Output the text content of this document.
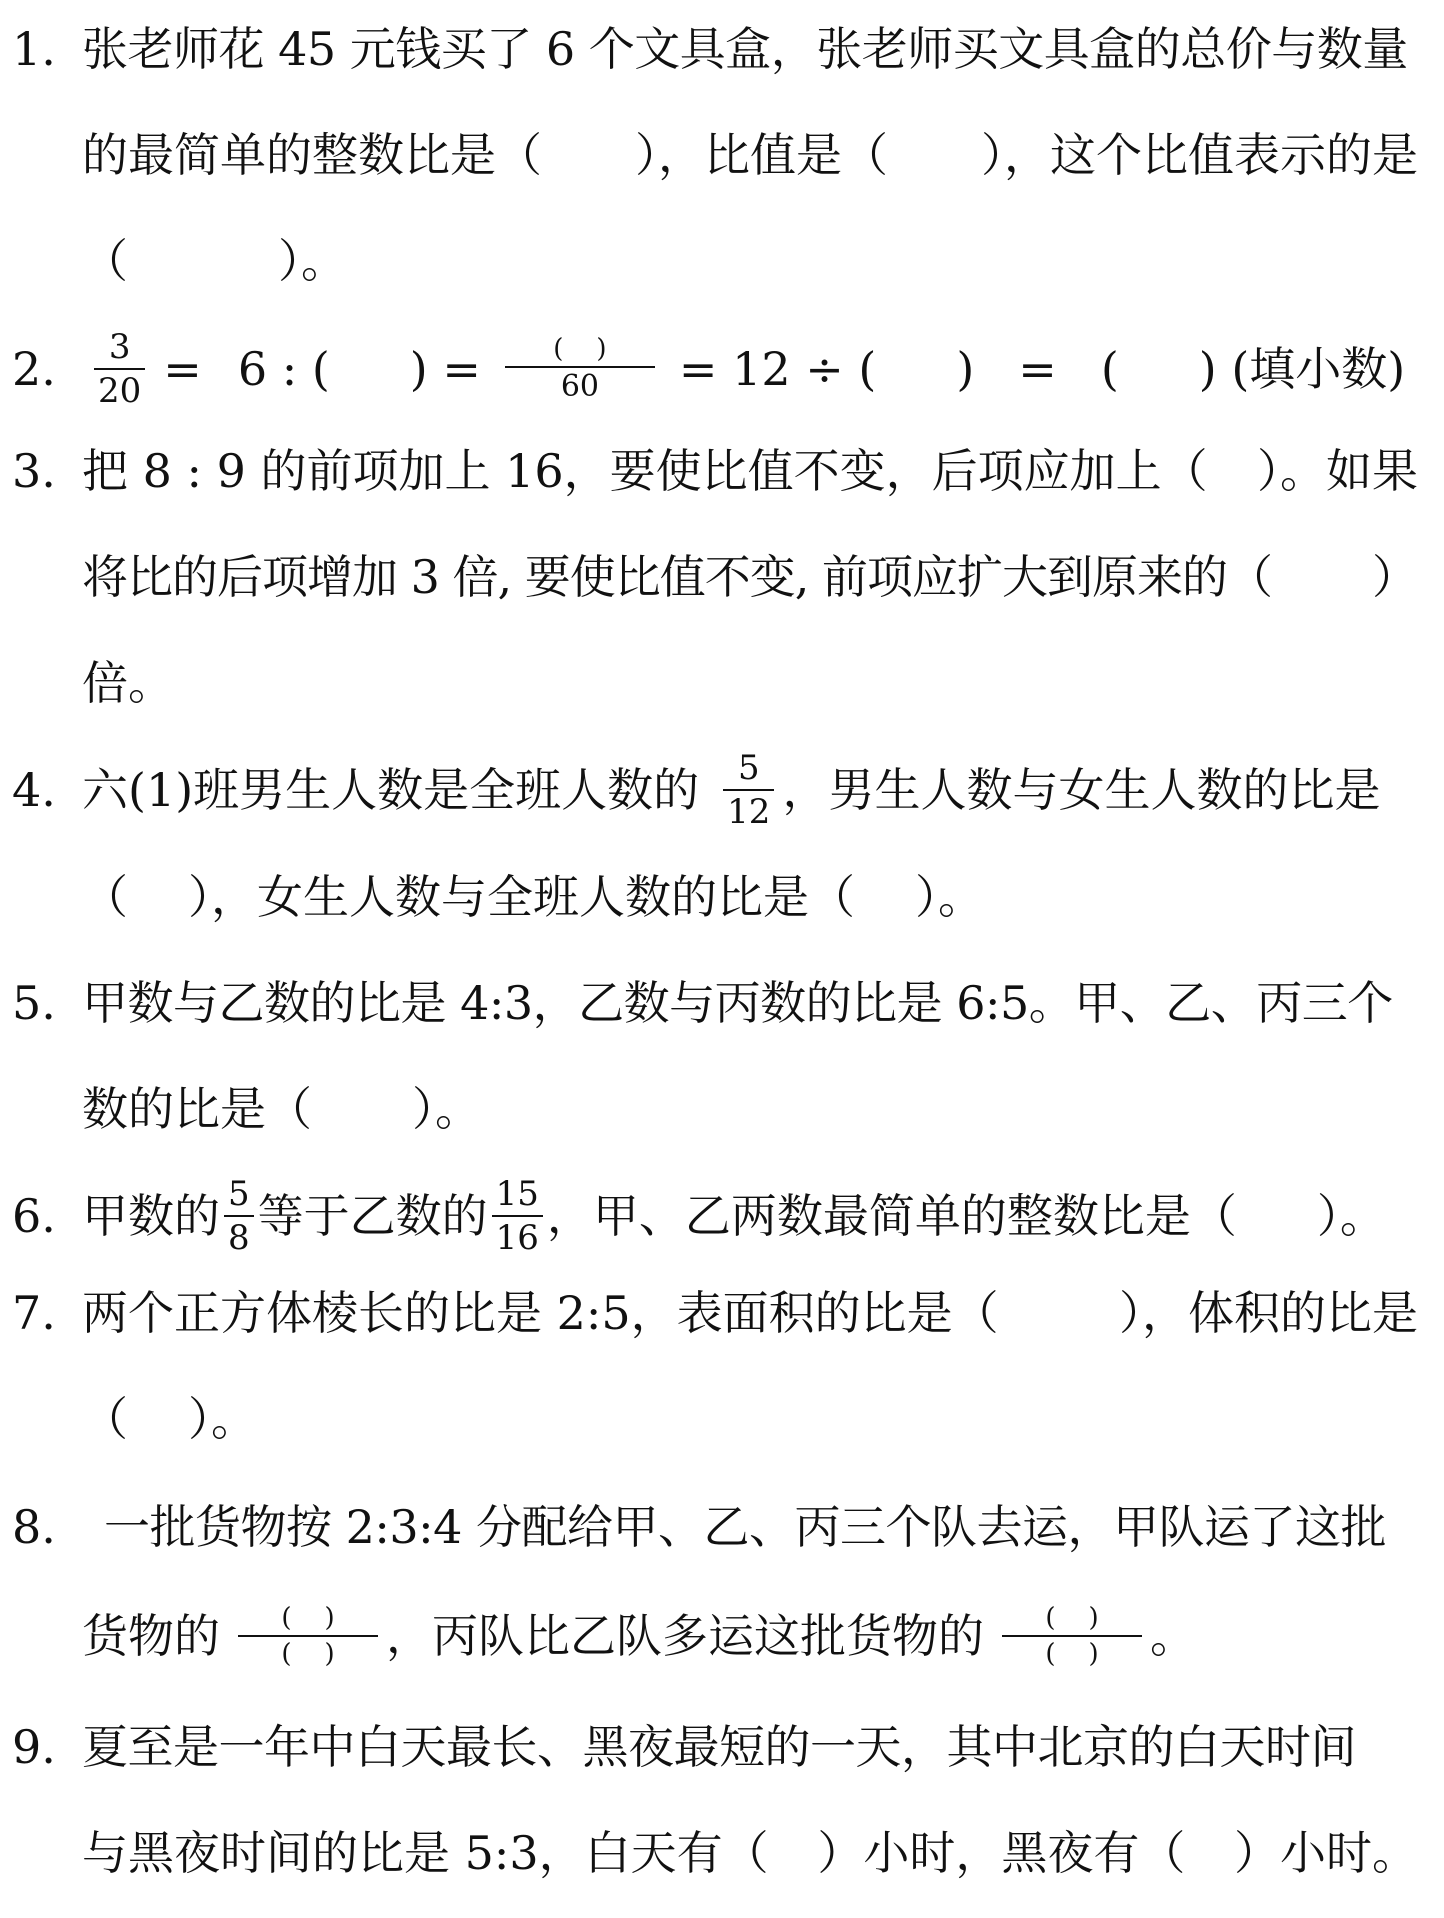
1. 张老师花 45 元钱买了 6 个文具盒，张老师买文具盒的总价与数量
的最简单的整数比是（ ），比值是（ ），这个比值表示的是
（	）。
2.	$\frac{3}{20} = 6$ : ( ) = $\frac{( )}{60} = 12$ ÷ ( ) = ( ) (填小数)
3. 把 8 : 9 的前项加上 16，要使比值不变，后项应加上（ ）。如果
将比的后项增加 3 倍, 要使比值不变, 前项应扩大到原来的（ ）
倍。
4. 六(1)班男生人数是全班人数的 $\frac{5}{12}$ ，男生人数与女生人数的比是
（ ），女生人数与全班人数的比是（ ）。
5. 甲数与乙数的比是 4:3，乙数与丙数的比是 6:5。甲、乙、丙三个
数的比是（ ）。
6. 甲数的 $\frac{5}{8}$ 等于乙数的 $\frac{15}{16}$ ，甲、乙两数最简单的整数比是（ ）。
7. 两个正方体棱长的比是 2:5，表面积的比是（	），体积的比是
（ ）。
8.	一批货物按 2:3:4 分配给甲、乙、丙三个队去运，甲队运了这批
货物的 $\frac{( )}{( )}$ ，丙队比乙队多运这批货物的 $\frac{( )}{( )}$ 。
9. 夏至是一年中白天最长、黑夜最短的一天，其中北京的白天时间
与黑夜时间的比是 5:3，白天有（ ）小时，黑夜有（ ）小时。
